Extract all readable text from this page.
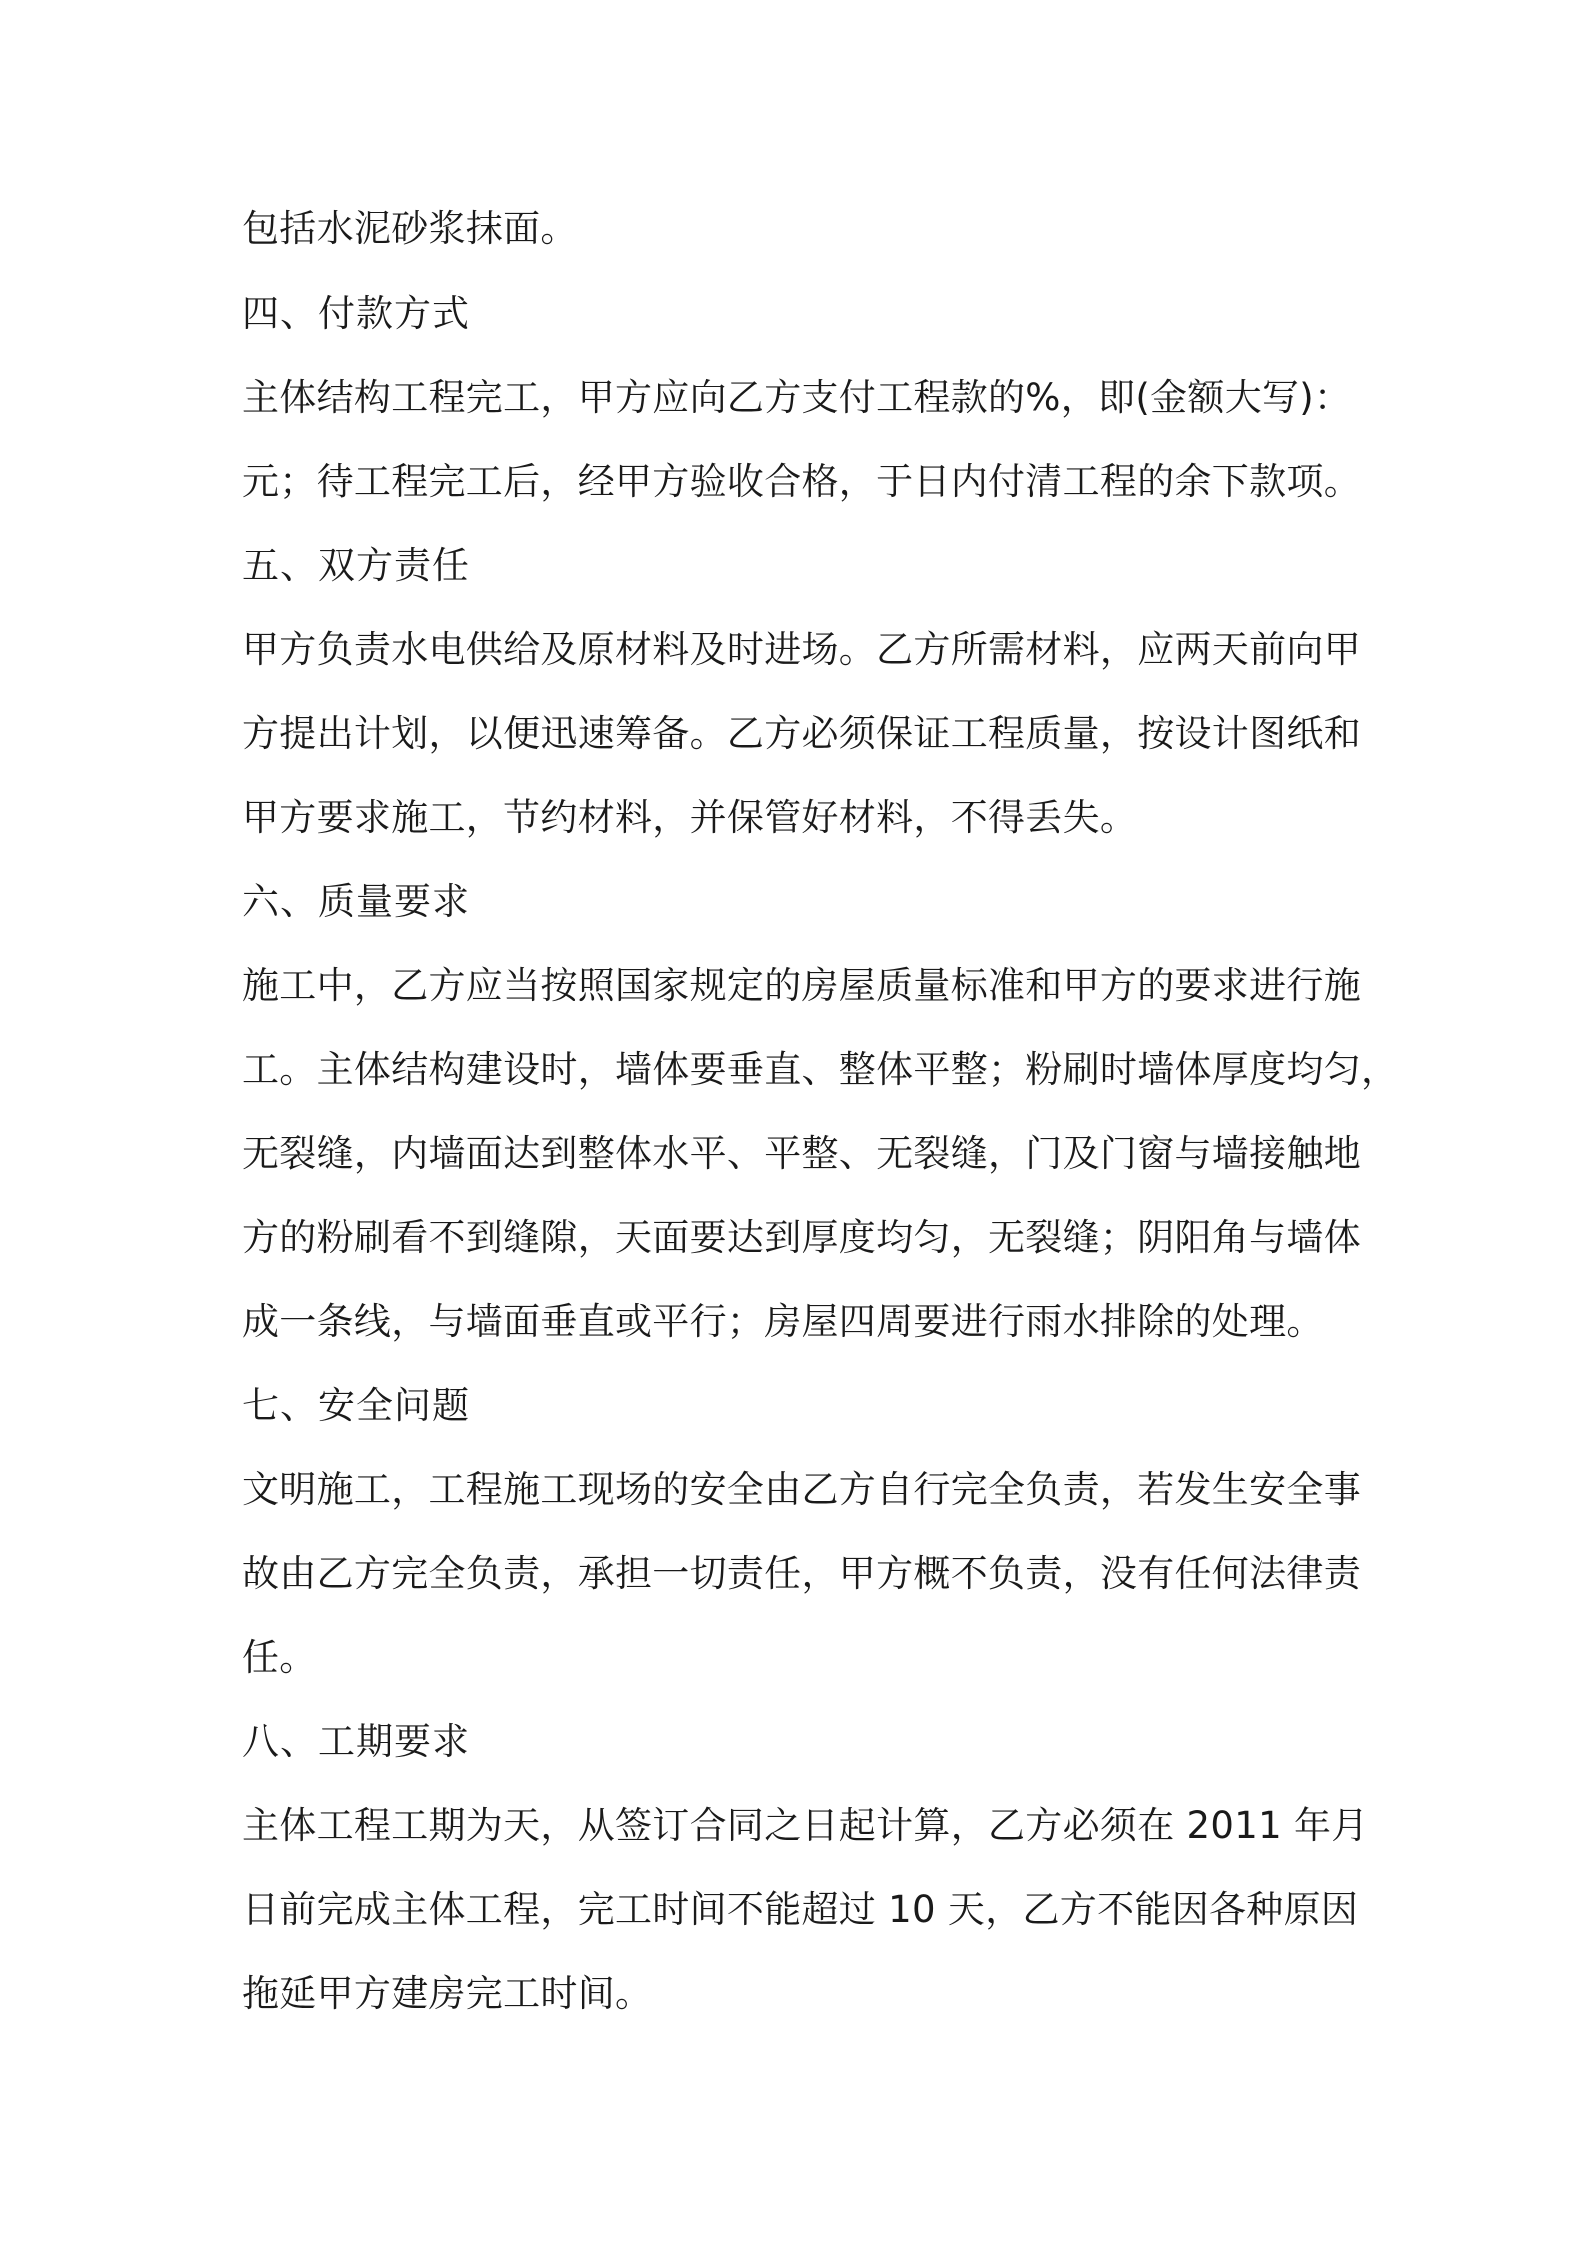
包括水泥砂浆抹面。
四、付款方式
主体结构工程完工，甲方应向乙方支付工程款的%，即(金额大写)：
元；待工程完工后，经甲方验收合格，于日内付清工程的余下款项。
五、双方责任
甲方负责水电供给及原材料及时进场。乙方所需材料，应两天前向甲
方提出计划，以便迅速筹备。乙方必须保证工程质量，按设计图纸和
甲方要求施工，节约材料，并保管好材料，不得丢失。
六、质量要求
施工中，乙方应当按照国家规定的房屋质量标准和甲方的要求进行施
工。主体结构建设时，墙体要垂直、整体平整；粉刷时墙体厚度均匀，
无裂缝，内墙面达到整体水平、平整、无裂缝，门及门窗与墙接触地
方的粉刷看不到缝隙，天面要达到厚度均匀，无裂缝；阴阳角与墙体
成一条线，与墙面垂直或平行；房屋四周要进行雨水排除的处理。
七、安全问题
文明施工，工程施工现场的安全由乙方自行完全负责，若发生安全事
故由乙方完全负责，承担一切责任，甲方概不负责，没有任何法律责
任。
八、工期要求
主体工程工期为天，从签订合同之日起计算，乙方必须在 2011 年月
日前完成主体工程，完工时间不能超过 10 天，乙方不能因各种原因
拖延甲方建房完工时间。
